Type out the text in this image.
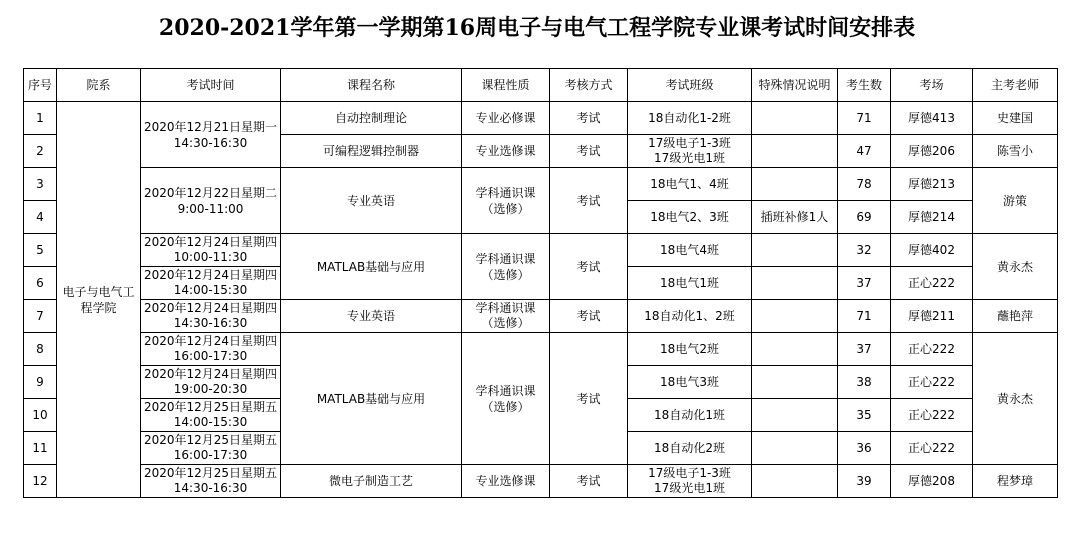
2020-2021学年第一学期第16周电子与电气工程学院专业课考试时间安排表
序号	院系	考试时间	课程名称	课程性质	考核方式	考试班级	特殊情况说明	考生数	考场	主考老师
1	电子与电气工
程学院	2020年12月21日星期一
14:30-16:30	自动控制理论	专业必修课	考试	18自动化1-2班		71	厚德413	史建国
2			可编程逻辑控制器	专业选修课	考试	17级电子1-3班
17级光电1班		47	厚德206	陈雪小
3		2020年12月22日星期二
9:00-11:00	专业英语	学科通识课
（选修）	考试	18电气1、4班		78	厚德213	游策
4						18电气2、3班	插班补修1人	69	厚德214	
5		2020年12月24日星期四
10:00-11:30	MATLAB基础与应用	学科通识课
（选修）	考试	18电气4班		32	厚德402	黄永杰
6		2020年12月24日星期四
14:00-15:30				18电气1班		37	正心222	
7		2020年12月24日星期四
14:30-16:30	专业英语	学科通识课
（选修）	考试	18自动化1、2班		71	厚德211	蘸艳萍
8		2020年12月24日星期四
16:00-17:30	MATLAB基础与应用	学科通识课
（选修）	考试	18电气2班		37	正心222	黄永杰
9		2020年12月24日星期四
19:00-20:30				18电气3班		38	正心222	
10		2020年12月25日星期五
14:00-15:30				18自动化1班		35	正心222	
11		2020年12月25日星期五
16:00-17:30				18自动化2班		36	正心222	
12		2020年12月25日星期五
14:30-16:30	微电子制造工艺	专业选修课	考试	17级电子1-3班
17级光电1班		39	厚德208	程梦璋
